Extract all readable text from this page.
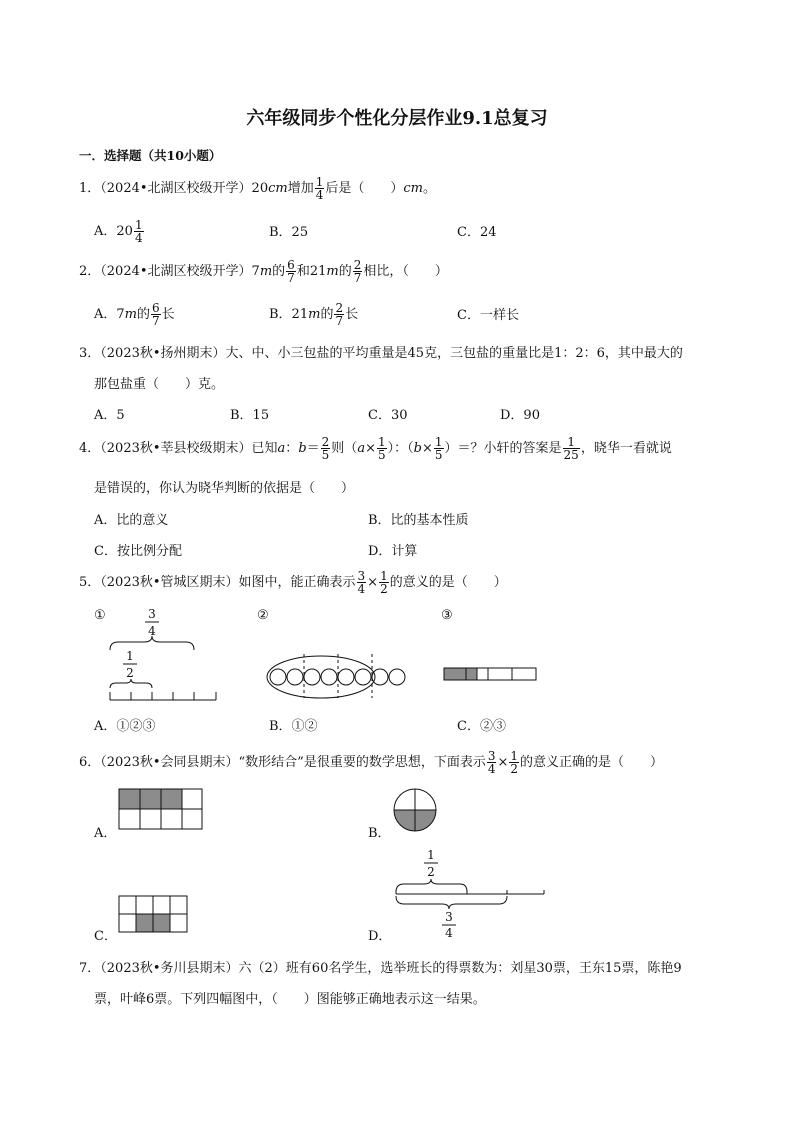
六年级同步个性化分层作业9.1总复习
一．选择题（共10小题）
1．（2024•北湖区校级开学）20cm增加 $\frac{1}{4}$ 后是（　　）cm。
A．$20 \frac{1}{4}$	B．25	C．24
2．（2024•北湖区校级开学）7m的 $\frac{6}{7}$ 和21m的 $\frac{2}{7}$ 相比，（　　）
A．7m的 $\frac{6}{7}$ 长	B．21m的 $\frac{2}{7}$ 长	C．一样长
3．（2023秋•扬州期末）大、中、小三包盐的平均重量是45克，三包盐的重量比是1：2：6，其中最大的
那包盐重（　　）克。
A．5	B．15	C．30	D．90
4．（2023秋•莘县校级期末）已知a：$b= \frac{2}{5}$ 则（$a\times \frac{1}{5}$ ）：（$b\times \frac{1}{5}$ ）＝？小轩的答案是 $\frac{1}{25}$ ，晓华一看就说
是错误的，你认为晓华判断的依据是（　　）
A．比的意义	B．比的基本性质
C．按比例分配	D．计算
5．（2023秋•管城区期末）如图中，能正确表示 $\frac{3}{4} \times \frac{1}{2}$ 的意义的是（　　）
①	3
4
1
2
②	③
A．①②③	B．①②	C．②③
6．（2023秋•会同县期末）“数形结合”是很重要的数学思想，下面表示 $\frac{3}{4} \times \frac{1}{2}$ 的意义正确的是（　　）
A．	B．
C．	D．
1
2
3
4
7．（2023秋•务川县期末）六（2）班有60名学生，选举班长的得票数为：刘星30票，王东15票，陈艳9
票，叶峰6票。下列四幅图中，（　　）图能够正确地表示这一结果。
